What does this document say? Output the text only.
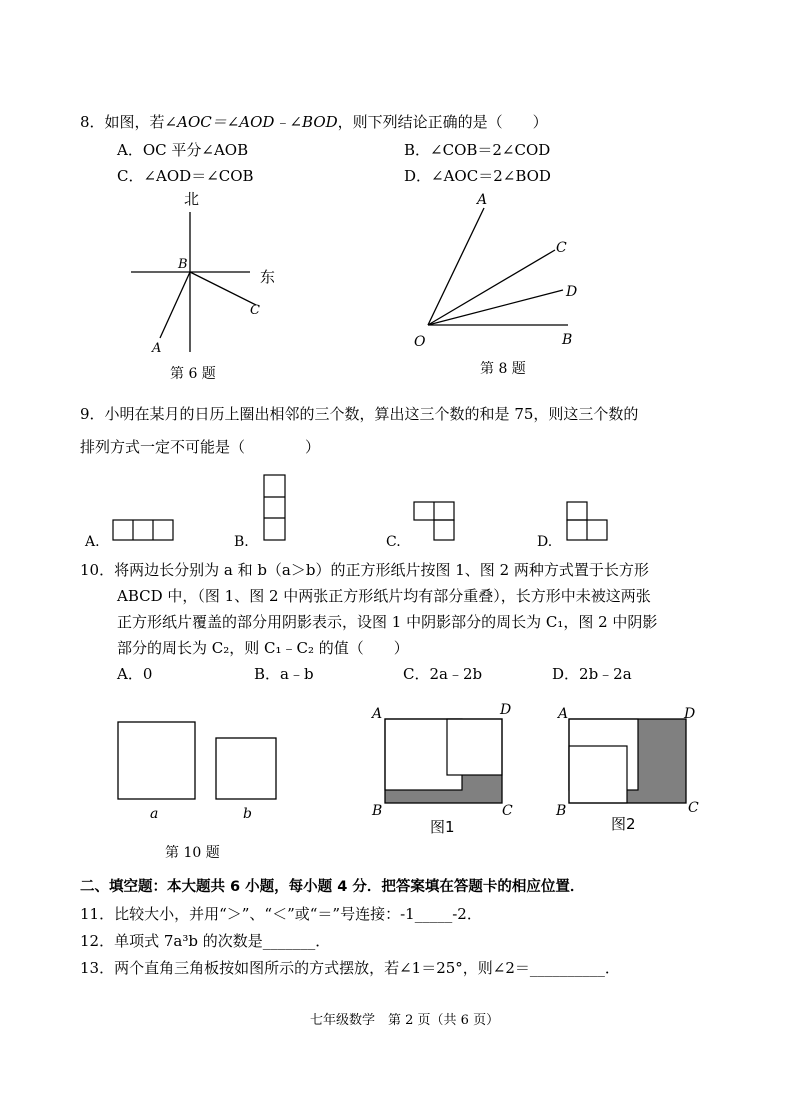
8．如图，若∠AOC＝∠AOD﹣∠BOD，则下列结论正确的是（　　）
A．OC 平分∠AOB	B．∠COB＝2∠COD
C．∠AOD＝∠COB	D．∠AOC＝2∠BOD
北
东
B
C
A
第 6 题
A
C
D
O	B
第 8 题
9．小明在某月的日历上圈出相邻的三个数，算出这三个数的和是 75，则这三个数的
排列方式一定不可能是（　　　　）
A.	B.	C.	D.
10．将两边长分别为 a 和 b（a＞b）的正方形纸片按图 1、图 2 两种方式置于长方形
ABCD 中，（图 1、图 2 中两张正方形纸片均有部分重叠），长方形中未被这两张
正方形纸片覆盖的部分用阴影表示，设图 1 中阴影部分的周长为 C₁，图 2 中阴影
部分的周长为 C₂，则 C₁﹣C₂ 的值（　　）
A．0	B．a﹣b	C．2a﹣2b	D．2b﹣2a
a	b
A	D
B	C
图1
A	D
B	C
图2
第 10 题
二、填空题：本大题共 6 小题，每小题 4 分．把答案填在答题卡的相应位置．
11．比较大小，并用“＞”、“＜”或“＝”号连接：-1_____-2．
12．单项式 7a³b 的次数是_______．
13．两个直角三角板按如图所示的方式摆放，若∠1＝25°，则∠2＝__________．
七年级数学　第 2 页（共 6 页）
